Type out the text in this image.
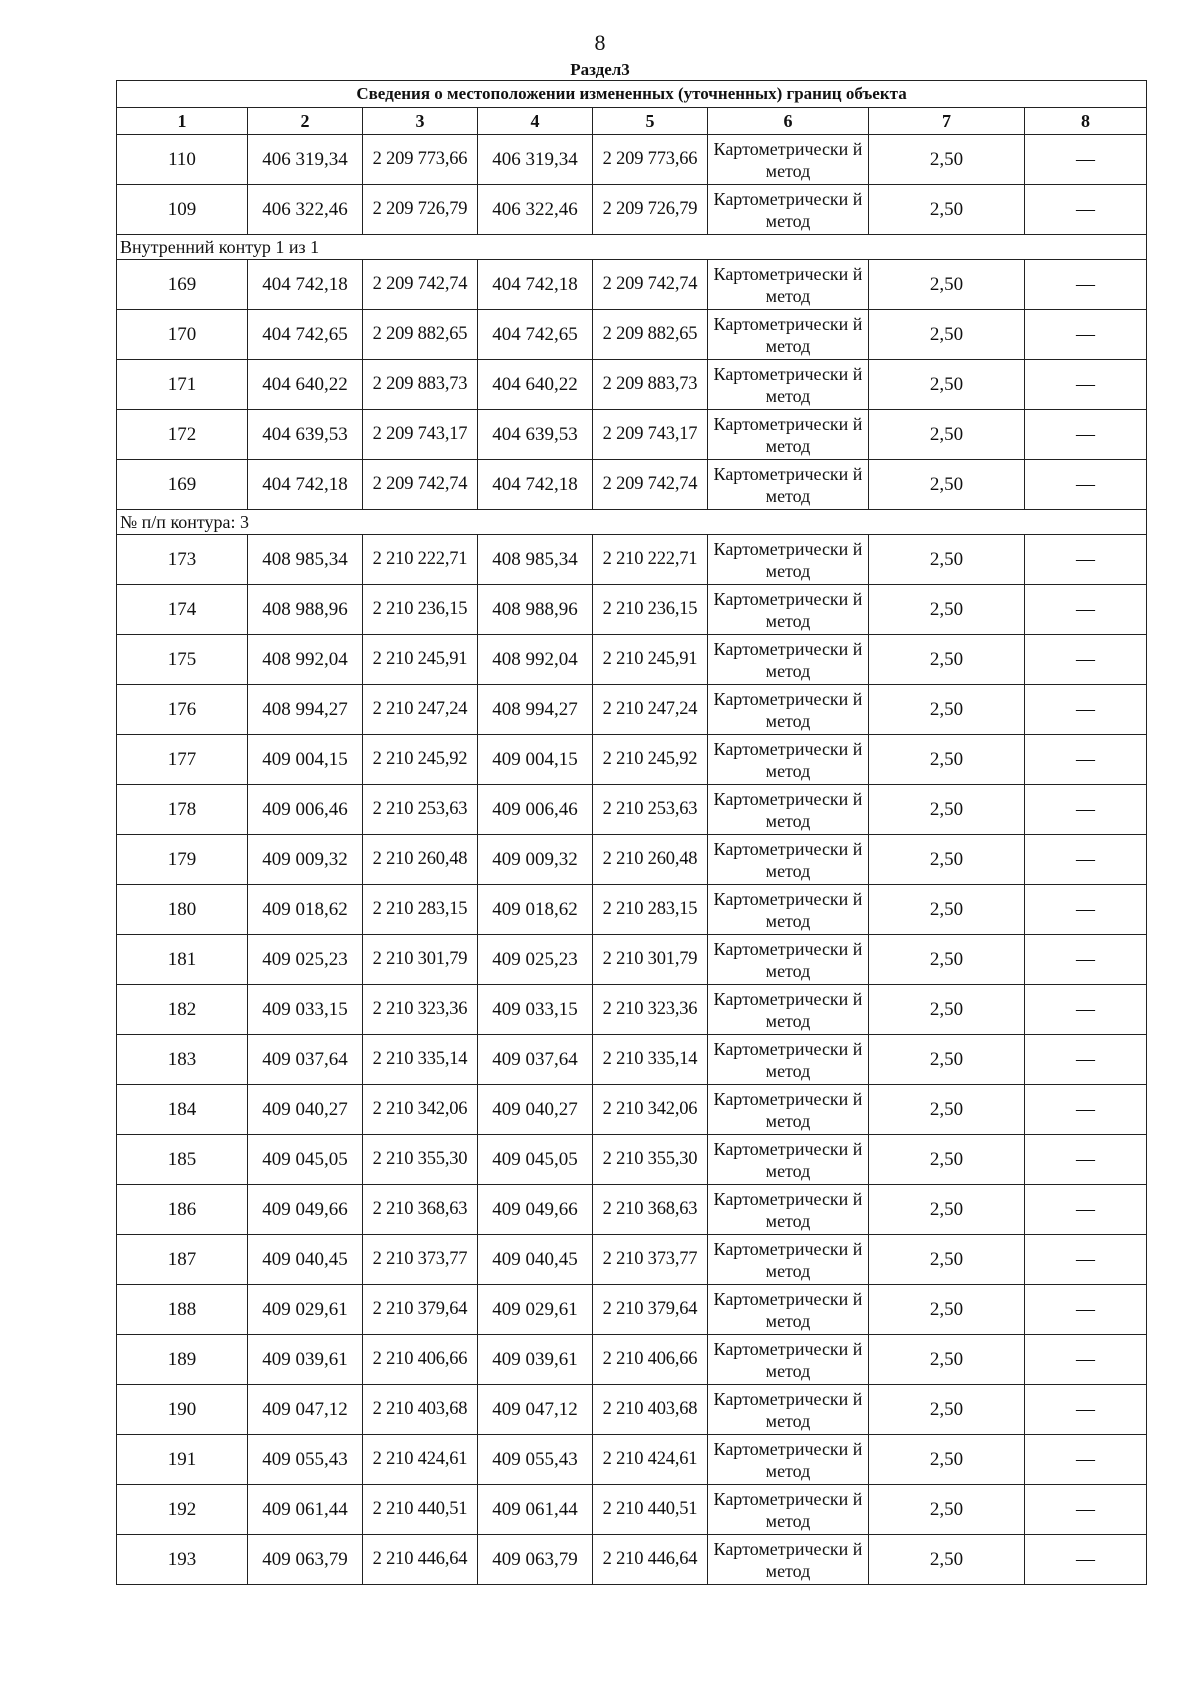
8
Раздел3
Сведения о местоположении измененных (уточненных) границ объекта							
1	2	3	4	5	6	7	8
110	406 319,34	2 209 773,66	406 319,34	2 209 773,66	Картометрически й метод	2,50	—
109	406 322,46	2 209 726,79	406 322,46	2 209 726,79	Картометрически й метод	2,50	—
Внутренний контур 1 из 1							
169	404 742,18	2 209 742,74	404 742,18	2 209 742,74	Картометрически й метод	2,50	—
170	404 742,65	2 209 882,65	404 742,65	2 209 882,65	Картометрически й метод	2,50	—
171	404 640,22	2 209 883,73	404 640,22	2 209 883,73	Картометрически й метод	2,50	—
172	404 639,53	2 209 743,17	404 639,53	2 209 743,17	Картометрически й метод	2,50	—
169	404 742,18	2 209 742,74	404 742,18	2 209 742,74	Картометрически й метод	2,50	—
№ п/п контура: 3							
173	408 985,34	2 210 222,71	408 985,34	2 210 222,71	Картометрически й метод	2,50	—
174	408 988,96	2 210 236,15	408 988,96	2 210 236,15	Картометрически й метод	2,50	—
175	408 992,04	2 210 245,91	408 992,04	2 210 245,91	Картометрически й метод	2,50	—
176	408 994,27	2 210 247,24	408 994,27	2 210 247,24	Картометрически й метод	2,50	—
177	409 004,15	2 210 245,92	409 004,15	2 210 245,92	Картометрически й метод	2,50	—
178	409 006,46	2 210 253,63	409 006,46	2 210 253,63	Картометрически й метод	2,50	—
179	409 009,32	2 210 260,48	409 009,32	2 210 260,48	Картометрически й метод	2,50	—
180	409 018,62	2 210 283,15	409 018,62	2 210 283,15	Картометрически й метод	2,50	—
181	409 025,23	2 210 301,79	409 025,23	2 210 301,79	Картометрически й метод	2,50	—
182	409 033,15	2 210 323,36	409 033,15	2 210 323,36	Картометрически й метод	2,50	—
183	409 037,64	2 210 335,14	409 037,64	2 210 335,14	Картометрически й метод	2,50	—
184	409 040,27	2 210 342,06	409 040,27	2 210 342,06	Картометрически й метод	2,50	—
185	409 045,05	2 210 355,30	409 045,05	2 210 355,30	Картометрически й метод	2,50	—
186	409 049,66	2 210 368,63	409 049,66	2 210 368,63	Картометрически й метод	2,50	—
187	409 040,45	2 210 373,77	409 040,45	2 210 373,77	Картометрически й метод	2,50	—
188	409 029,61	2 210 379,64	409 029,61	2 210 379,64	Картометрически й метод	2,50	—
189	409 039,61	2 210 406,66	409 039,61	2 210 406,66	Картометрически й метод	2,50	—
190	409 047,12	2 210 403,68	409 047,12	2 210 403,68	Картометрически й метод	2,50	—
191	409 055,43	2 210 424,61	409 055,43	2 210 424,61	Картометрически й метод	2,50	—
192	409 061,44	2 210 440,51	409 061,44	2 210 440,51	Картометрически й метод	2,50	—
193	409 063,79	2 210 446,64	409 063,79	2 210 446,64	Картометрически й метод	2,50	—
